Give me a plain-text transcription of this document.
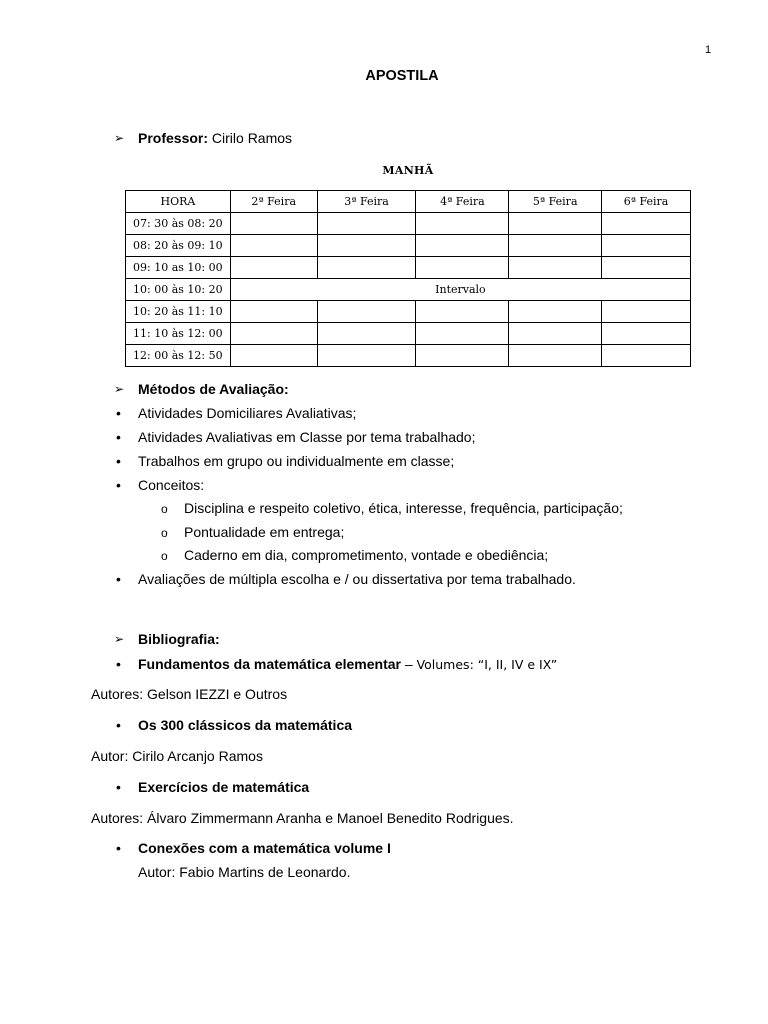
1
APOSTILA
➢ Professor: Cirilo Ramos
MANHÃ
HORA	2ª Feira	3ª Feira	4ª Feira	5ª Feira	6ª Feira
07: 30 às 08: 20					
08: 20 às 09: 10					
09: 10 as 10: 00					
10: 00 às 10: 20	Intervalo				
10: 20 às 11: 10					
11: 10 às 12: 00					
12: 00 às 12: 50					
➢ Métodos de Avaliação:
• Atividades Domiciliares Avaliativas;
• Atividades Avaliativas em Classe por tema trabalhado;
• Trabalhos em grupo ou individualmente em classe;
• Conceitos:
o Disciplina e respeito coletivo, ética, interesse, frequência, participação;
o Pontualidade em entrega;
o Caderno em dia, comprometimento, vontade e obediência;
• Avaliações de múltipla escolha e / ou dissertativa por tema trabalhado.
➢ Bibliografia:
• Fundamentos da matemática elementar – Volumes: “I, II, IV e IX”
Autores: Gelson IEZZI e Outros
• Os 300 clássicos da matemática
Autor: Cirilo Arcanjo Ramos
• Exercícios de matemática
Autores: Álvaro Zimmermann Aranha e Manoel Benedito Rodrigues.
• Conexões com a matemática volume I
Autor: Fabio Martins de Leonardo.
